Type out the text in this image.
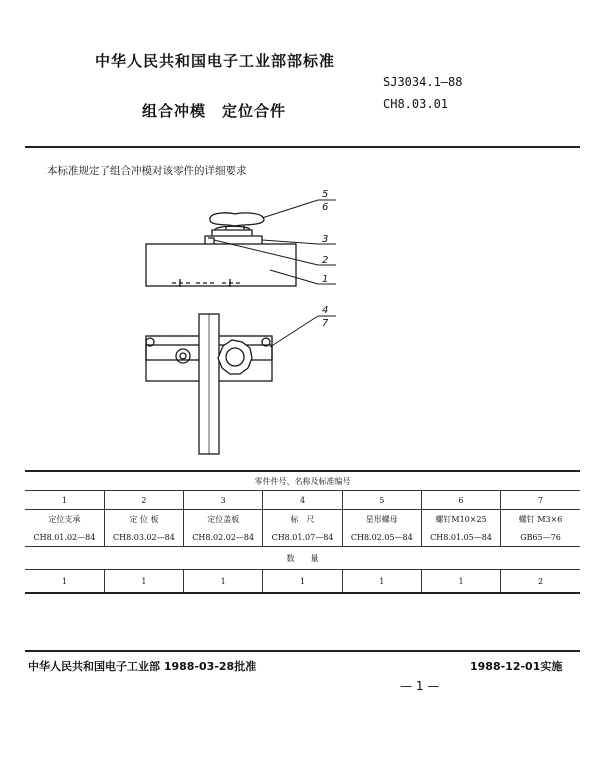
中华人民共和国电子工业部部标准
SJ3034.1—88
CH8.03.01
组合冲模　定位合件
本标准规定了组合冲模对该零件的详细要求
5
6
3
2
1
4
7
零件件号、名称及标准编号						
1	2	3	4	5	6	7
定位支承	定 位 板	定位盖板	标　尺	星形螺母	螺钉M10×25	螺钉 M3×6
CH8.01.02—84	CH8.03.02—84	CH8.02.02—84	CH8.01.07—84	CH8.02.05—84	CH8.01.05—84	GB65—76
数　　量						
1	1	1	1	1	1	2
中华人民共和国电子工业部 1988-03-28批准	1988-12-01实施
— 1 —
